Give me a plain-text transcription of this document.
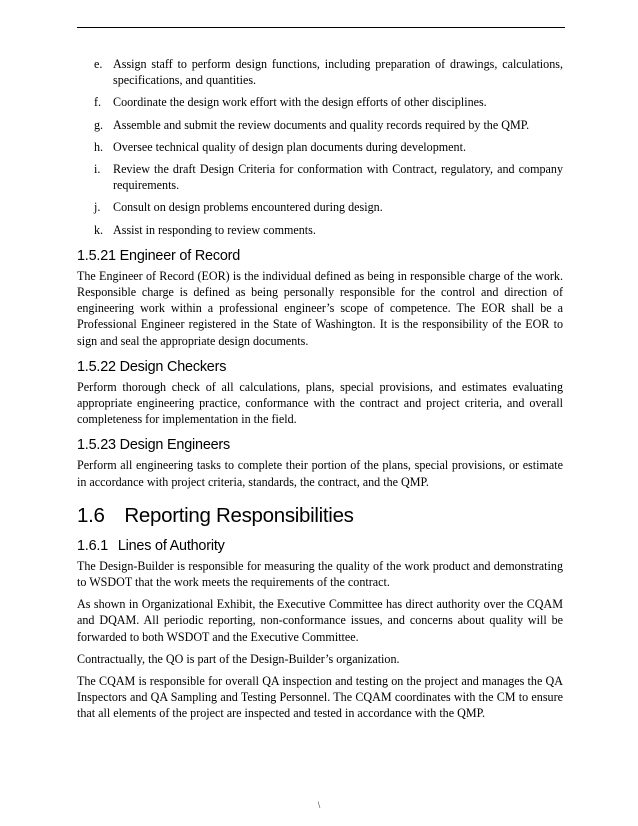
e. Assign staff to perform design functions, including preparation of drawings, calculations, specifications, and quantities.
f. Coordinate the design work effort with the design efforts of other disciplines.
g. Assemble and submit the review documents and quality records required by the QMP.
h. Oversee technical quality of design plan documents during development.
i.	Review the draft Design Criteria for conformation with Contract, regulatory, and company requirements.
j.	Consult on design problems encountered during design.
k. Assist in responding to review comments.
1.5.21 Engineer of Record

The Engineer of Record (EOR) is the individual defined as being in responsible charge of the work. Responsible charge is defined as being personally responsible for the control and direction of engineering work within a professional engineer’s scope of competence. The EOR shall be a Professional Engineer registered in the State of Washington. It is the responsibility of the EOR to sign and seal the appropriate design documents.

1.5.22 Design Checkers

Perform thorough check of all calculations, plans, special provisions, and estimates evaluating appropriate engineering practice, conformance with the contract and project criteria, and overall completeness for implementation in the field.

1.5.23 Design Engineers

Perform all engineering tasks to complete their portion of the plans, special provisions, or estimate in accordance with project criteria, standards, the contract, and the QMP.

1.6 Reporting Responsibilities
1.6.1 Lines of Authority

The Design-Builder is responsible for measuring the quality of the work product and demonstrating to WSDOT that the work meets the requirements of the contract.

As shown in Organizational Exhibit, the Executive Committee has direct authority over the CQAM and DQAM. All periodic reporting, non-conformance issues, and concerns about quality will be forwarded to both WSDOT and the Executive Committee.

Contractually, the QO is part of the Design-Builder’s organization.

The CQAM is responsible for overall QA inspection and testing on the project and manages the QA Inspectors and QA Sampling and Testing Personnel. The CQAM coordinates with the CM to ensure that all elements of the project are inspected and tested in accordance with the QMP.

\
